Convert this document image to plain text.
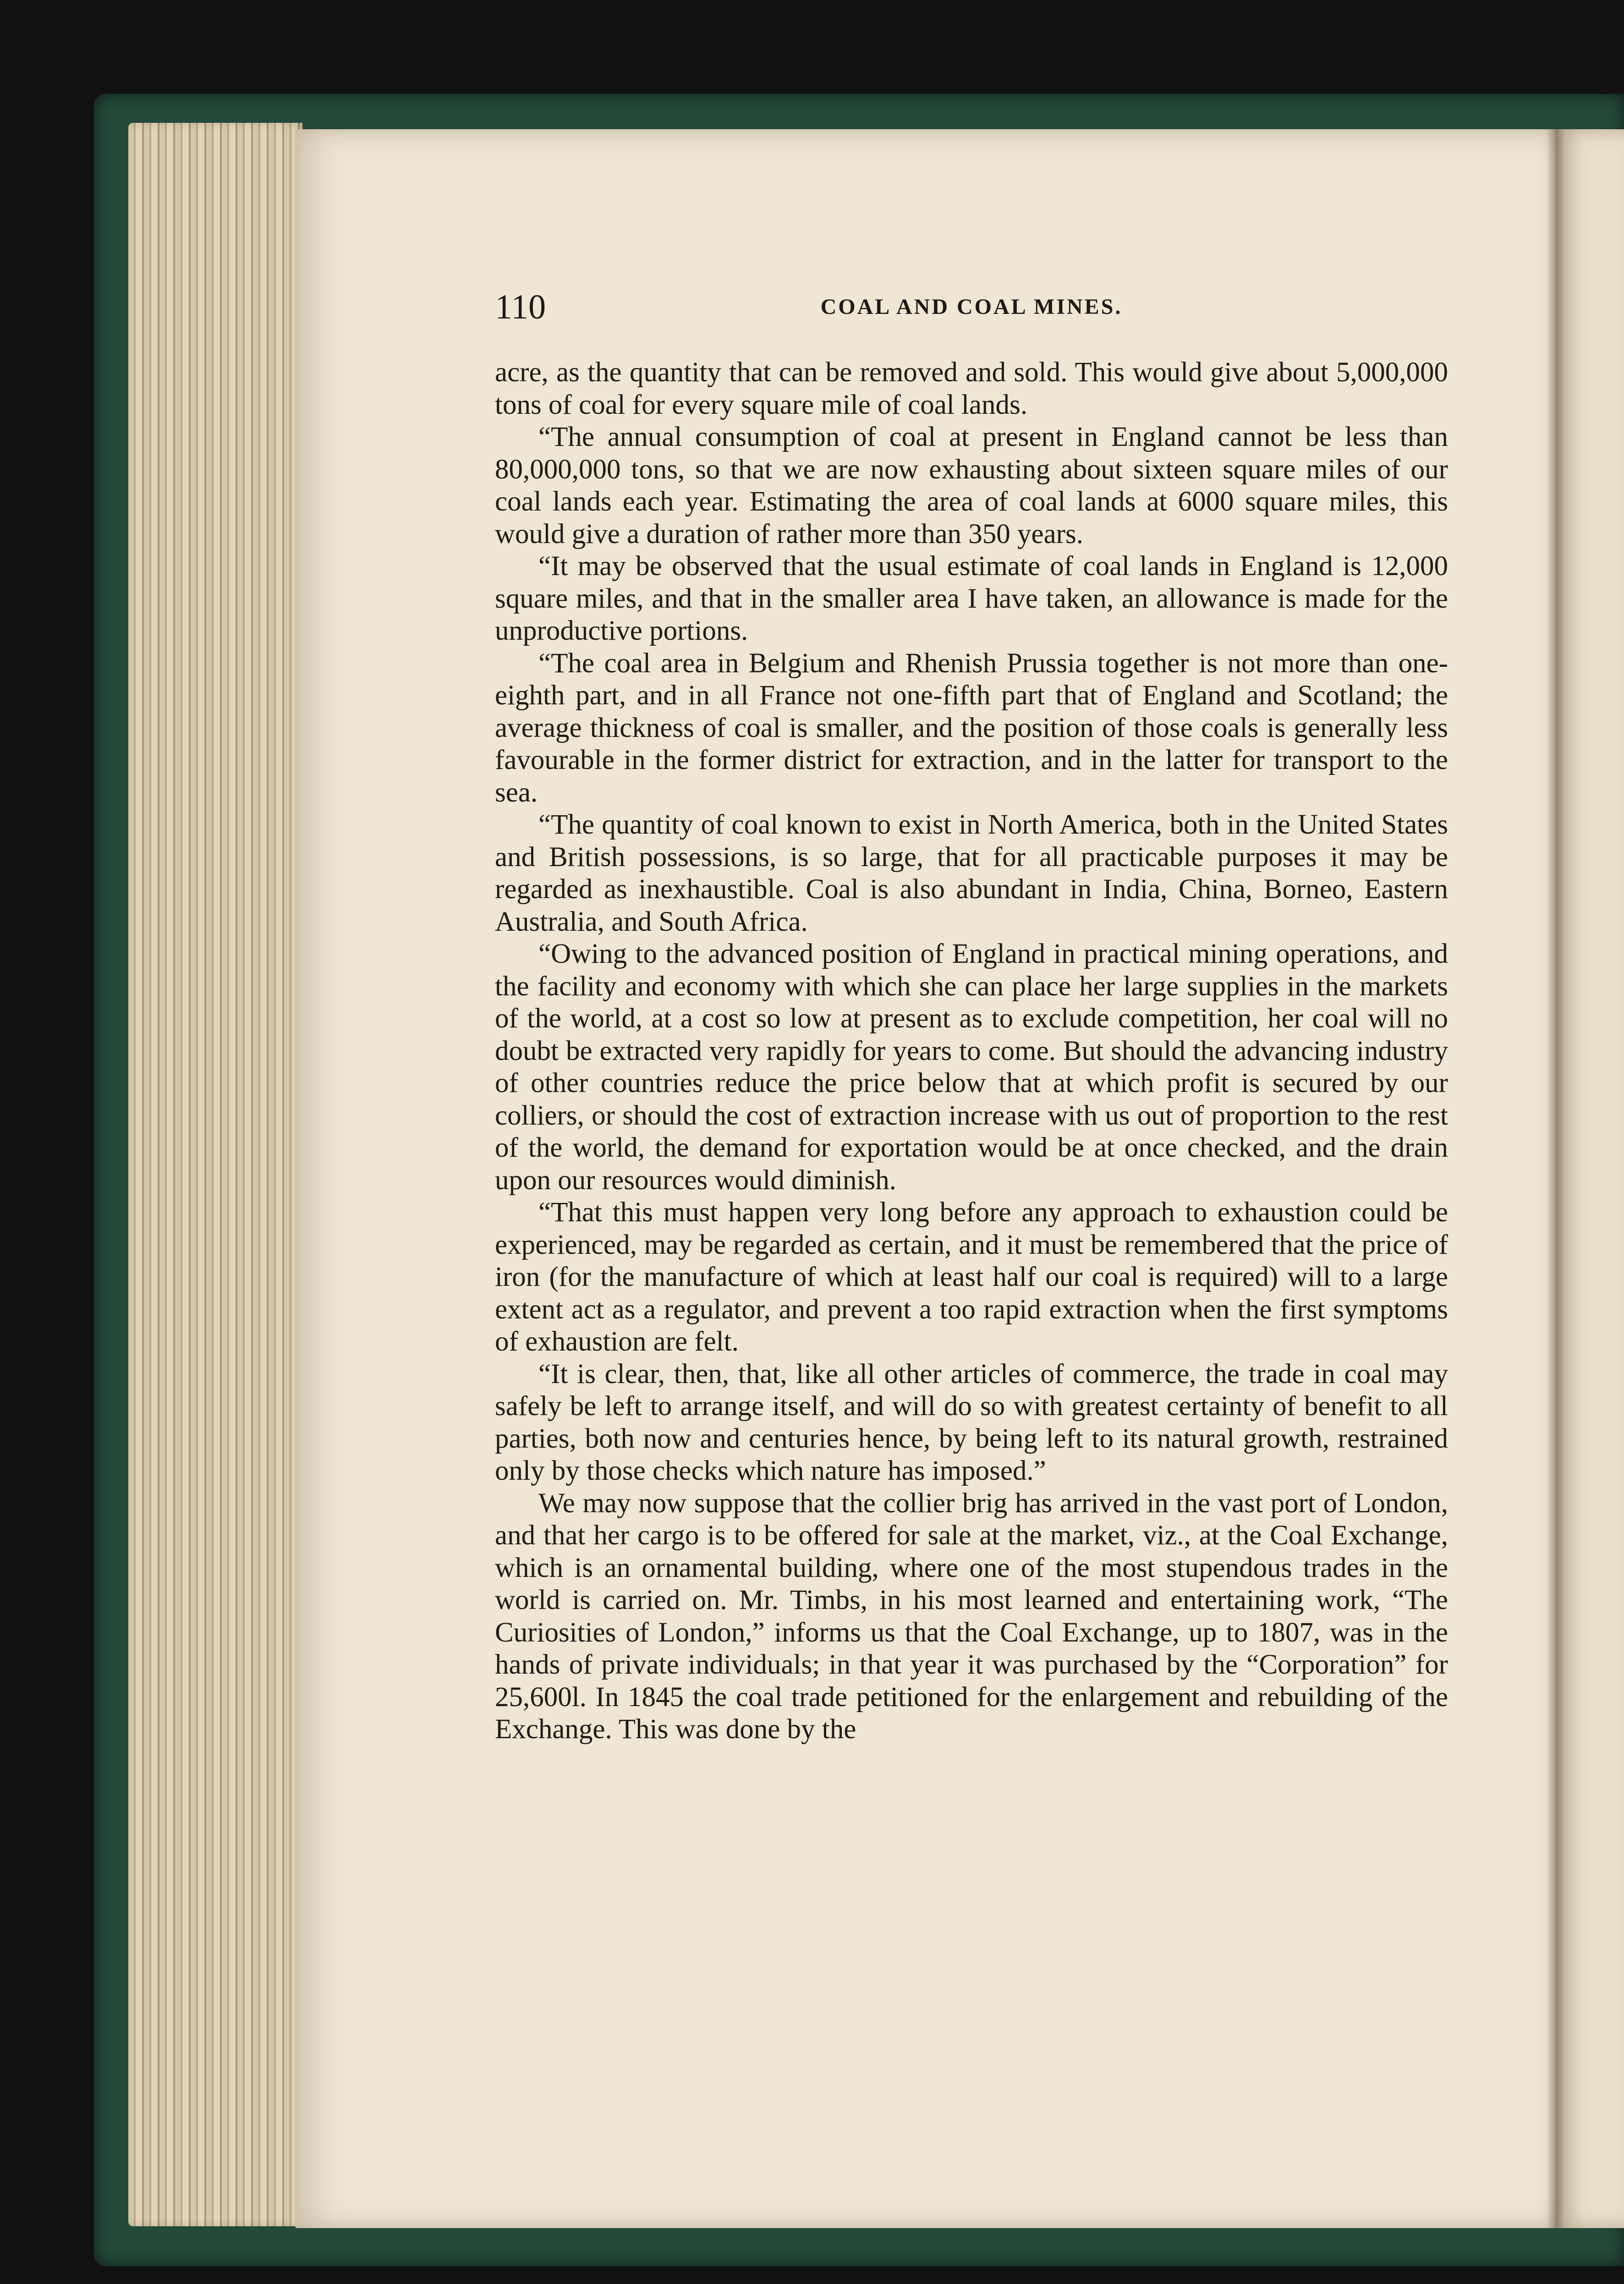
110	COAL AND COAL MINES.

acre, as the quantity that can be removed and sold. This would give about 5,000,000 tons of coal for every square mile of coal lands.

“The annual consumption of coal at present in England cannot be less than 80,000,000 tons, so that we are now exhausting about sixteen square miles of our coal lands each year. Estimating the area of coal lands at 6000 square miles, this would give a duration of rather more than 350 years.

“It may be observed that the usual estimate of coal lands in England is 12,000 square miles, and that in the smaller area I have taken, an allowance is made for the unproductive portions.

“The coal area in Belgium and Rhenish Prussia together is not more than one-eighth part, and in all France not one-fifth part that of England and Scotland; the average thickness of coal is smaller, and the position of those coals is generally less favourable in the former district for extraction, and in the latter for transport to the sea.

“The quantity of coal known to exist in North America, both in the United States and British possessions, is so large, that for all practicable purposes it may be regarded as inexhaustible. Coal is also abundant in India, China, Borneo, Eastern Australia, and South Africa.

“Owing to the advanced position of England in practical mining operations, and the facility and economy with which she can place her large supplies in the markets of the world, at a cost so low at present as to exclude competition, her coal will no doubt be extracted very rapidly for years to come. But should the advancing industry of other countries reduce the price below that at which profit is secured by our colliers, or should the cost of extraction increase with us out of proportion to the rest of the world, the demand for exportation would be at once checked, and the drain upon our resources would diminish.

“That this must happen very long before any approach to exhaustion could be experienced, may be regarded as certain, and it must be remembered that the price of iron (for the manufacture of which at least half our coal is required) will to a large extent act as a regulator, and prevent a too rapid extraction when the first symptoms of exhaustion are felt.

“It is clear, then, that, like all other articles of commerce, the trade in coal may safely be left to arrange itself, and will do so with greatest certainty of benefit to all parties, both now and centuries hence, by being left to its natural growth, restrained only by those checks which nature has imposed.”

We may now suppose that the collier brig has arrived in the vast port of London, and that her cargo is to be offered for sale at the market, viz., at the Coal Exchange, which is an ornamental building, where one of the most stupendous trades in the world is carried on. Mr. Timbs, in his most learned and entertaining work, “The Curiosities of London,” informs us that the Coal Exchange, up to 1807, was in the hands of private individuals; in that year it was purchased by the “Corporation” for 25,600l. In 1845 the coal trade petitioned for the enlargement and rebuilding of the Exchange. This was done by the
